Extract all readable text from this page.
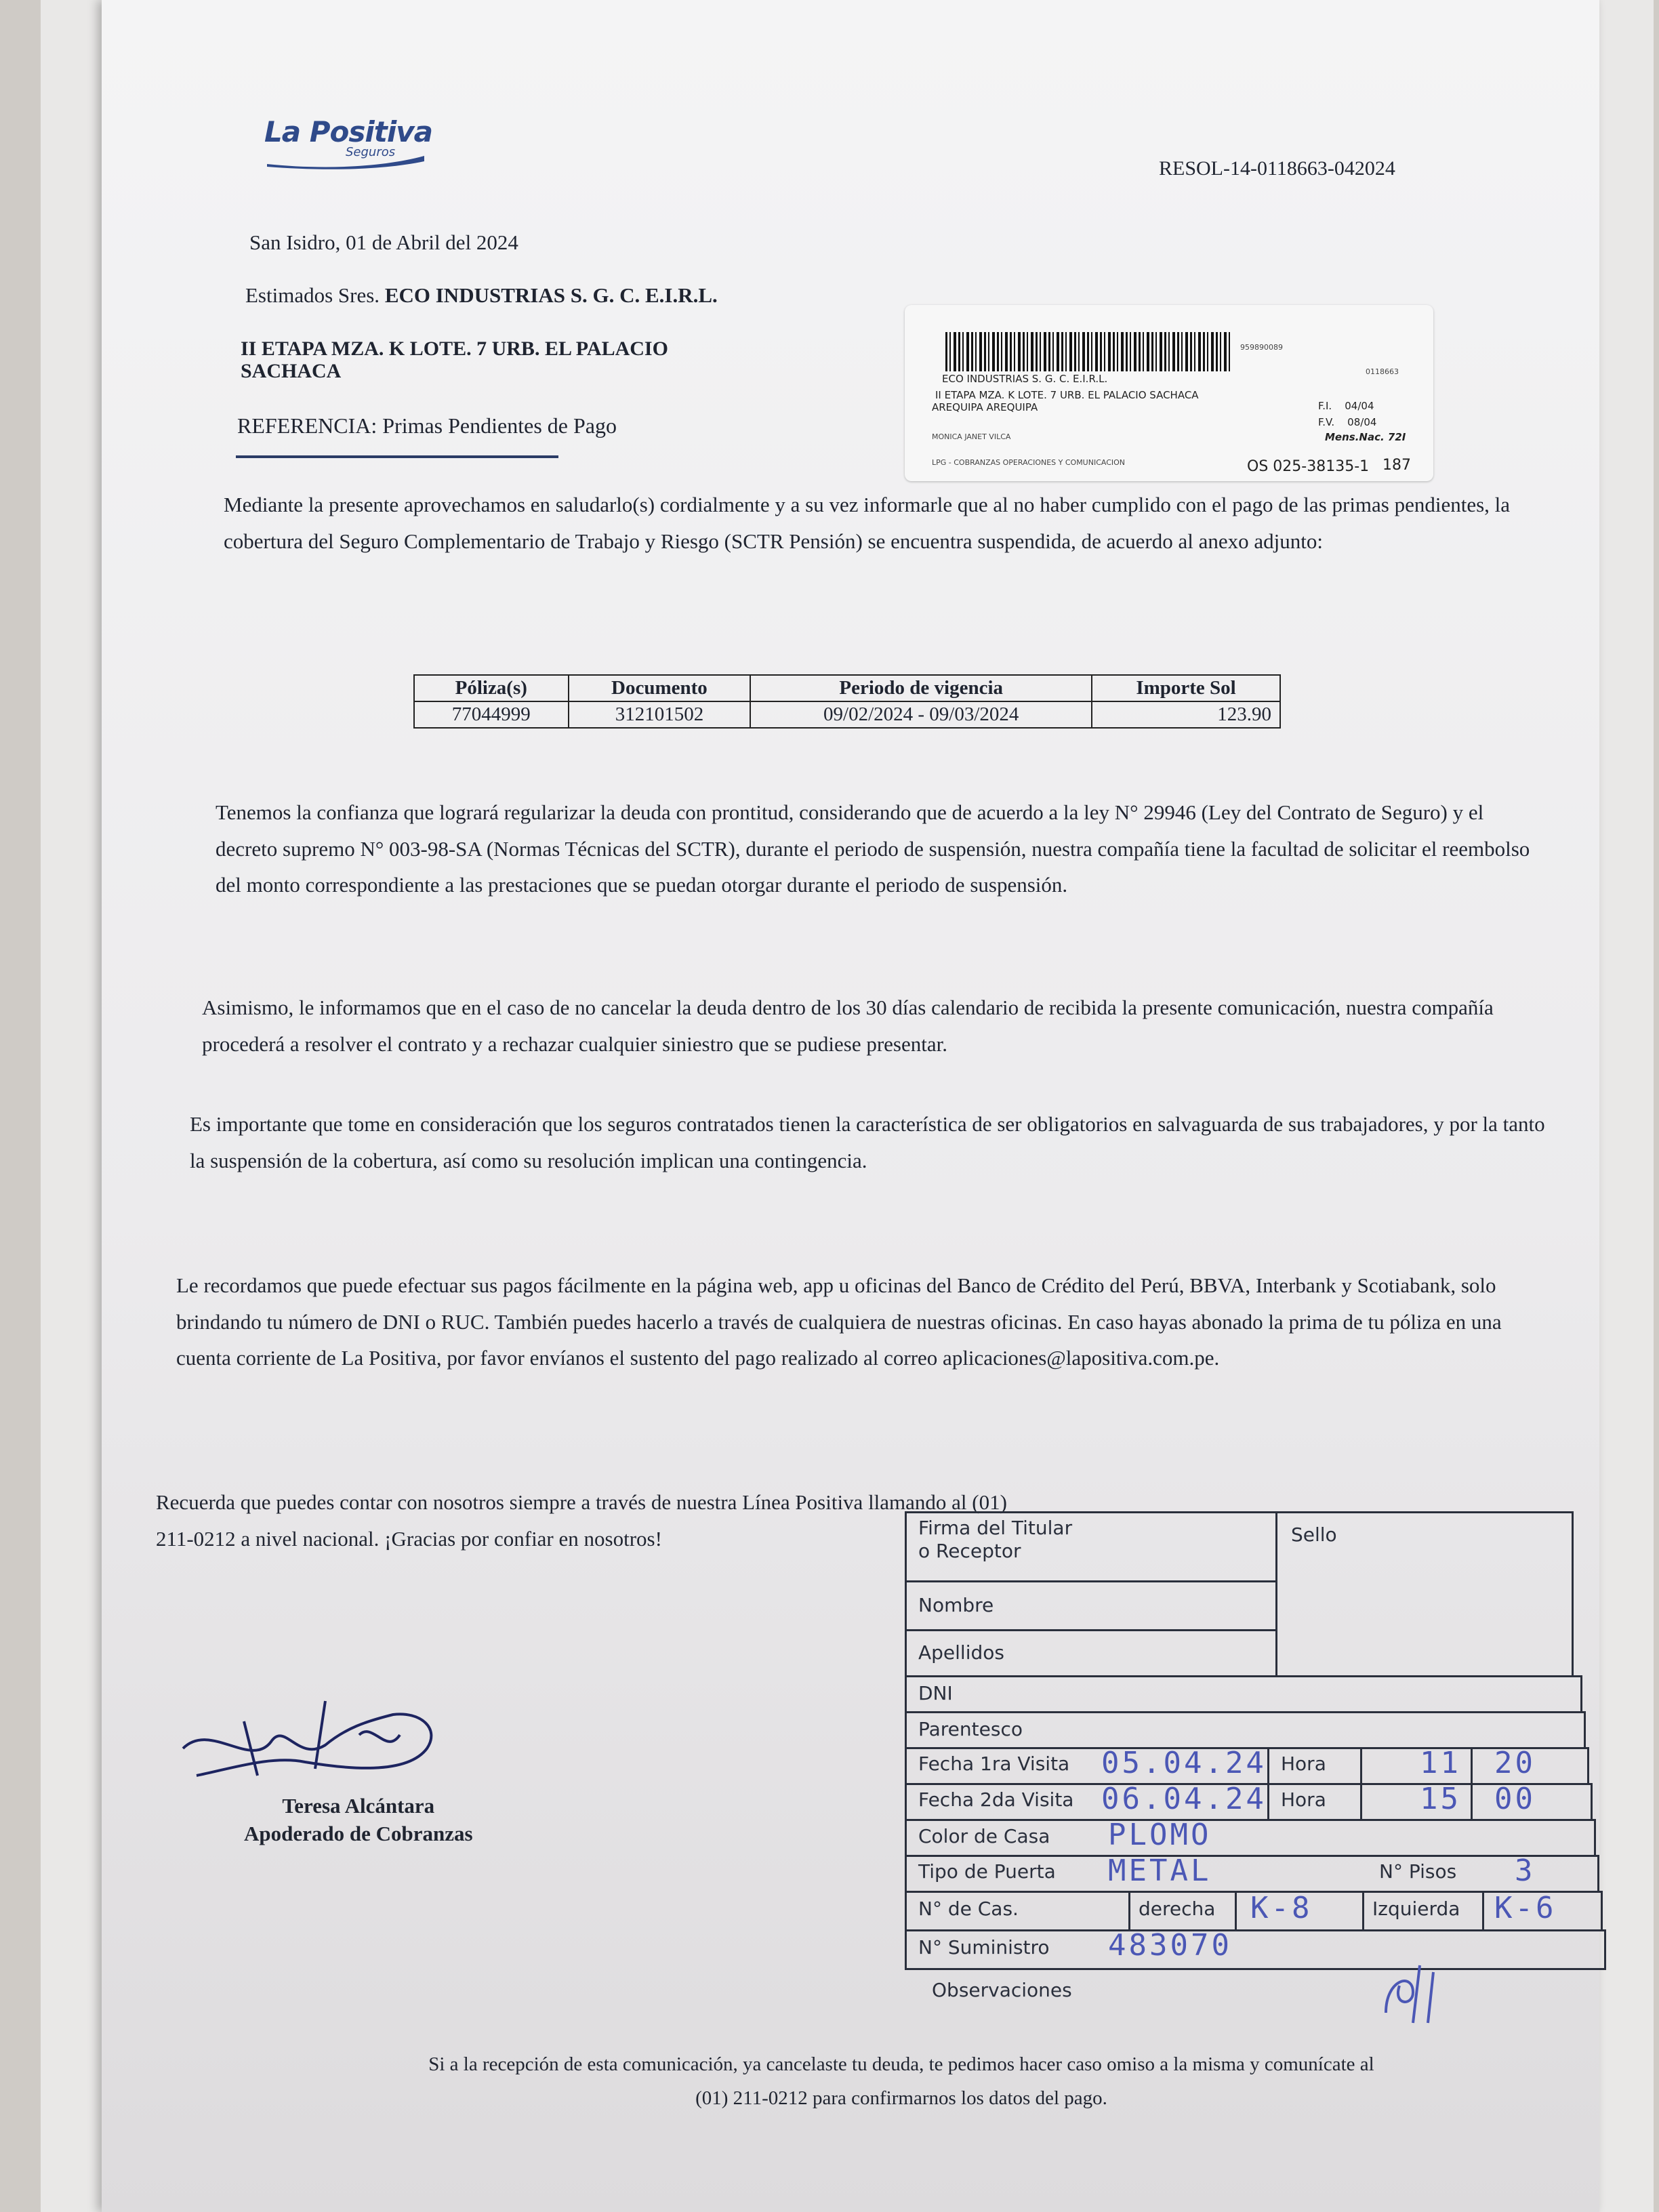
La Positiva
Seguros
RESOL-14-0118663-042024
San Isidro, 01 de Abril del 2024
Estimados Sres. ECO INDUSTRIAS S. G. C. E.I.R.L.
II ETAPA MZA. K LOTE. 7 URB. EL PALACIO
SACHACA
REFERENCIA: Primas Pendientes de Pago
959890089
0118663
ECO INDUSTRIAS S. G. C. E.I.R.L.
II ETAPA MZA. K LOTE. 7 URB. EL PALACIO SACHACA
AREQUIPA AREQUIPA	F.I. 04/04
F.V. 08/04
Mens.Nac. 72I
MONICA JANET VILCA
LPG - COBRANZAS OPERACIONES Y COMUNICACION	OS 025-38135-1 187
Mediante la presente aprovechamos en saludarlo(s) cordialmente y a su vez informarle que al no haber cumplido con el pago de las primas pendientes, la cobertura del Seguro Complementario de Trabajo y Riesgo (SCTR Pensión) se encuentra suspendida, de acuerdo al anexo adjunto:
Póliza(s)	Documento	Periodo de vigencia	Importe Sol
77044999	312101502	09/02/2024 - 09/03/2024	123.90
Tenemos la confianza que logrará regularizar la deuda con prontitud, considerando que de acuerdo a la ley N° 29946 (Ley del Contrato de Seguro) y el decreto supremo N° 003-98-SA (Normas Técnicas del SCTR), durante el periodo de suspensión, nuestra compañía tiene la facultad de solicitar el reembolso del monto correspondiente a las prestaciones que se puedan otorgar durante el periodo de suspensión.
Asimismo, le informamos que en el caso de no cancelar la deuda dentro de los 30 días calendario de recibida la presente comunicación, nuestra compañía procederá a resolver el contrato y a rechazar cualquier siniestro que se pudiese presentar.
Es importante que tome en consideración que los seguros contratados tienen la característica de ser obligatorios en salvaguarda de sus trabajadores, y por la tanto la suspensión de la cobertura, así como su resolución implican una contingencia.
Le recordamos que puede efectuar sus pagos fácilmente en la página web, app u oficinas del Banco de Crédito del Perú, BBVA, Interbank y Scotiabank, solo brindando tu número de DNI o RUC. También puedes hacerlo a través de cualquiera de nuestras oficinas. En caso hayas abonado la prima de tu póliza en una cuenta corriente de La Positiva, por favor envíanos el sustento del pago realizado al correo aplicaciones@lapositiva.com.pe.
Recuerda que puedes contar con nosotros siempre a través de nuestra Línea Positiva llamando al (01) 211-0212 a nivel nacional. ¡Gracias por confiar en nosotros!
Teresa Alcántara
Apoderado de Cobranzas
Firma del Titular
o Receptor
Sello
Nombre
Apellidos
DNI
Parentesco
Fecha 1ra Visita 05.04.24 Hora	11 20
Fecha 2da Visita 06.04.24 Hora	15 00
Color de Casa PLOMO
Tipo de Puerta METAL	N° Pisos 3
N° de Cas.	derecha K-8	Izquierda K-6
N° Suministro 483070
Observaciones
Si a la recepción de esta comunicación, ya cancelaste tu deuda, te pedimos hacer caso omiso a la misma y comunícate al
(01) 211-0212 para confirmarnos los datos del pago.
